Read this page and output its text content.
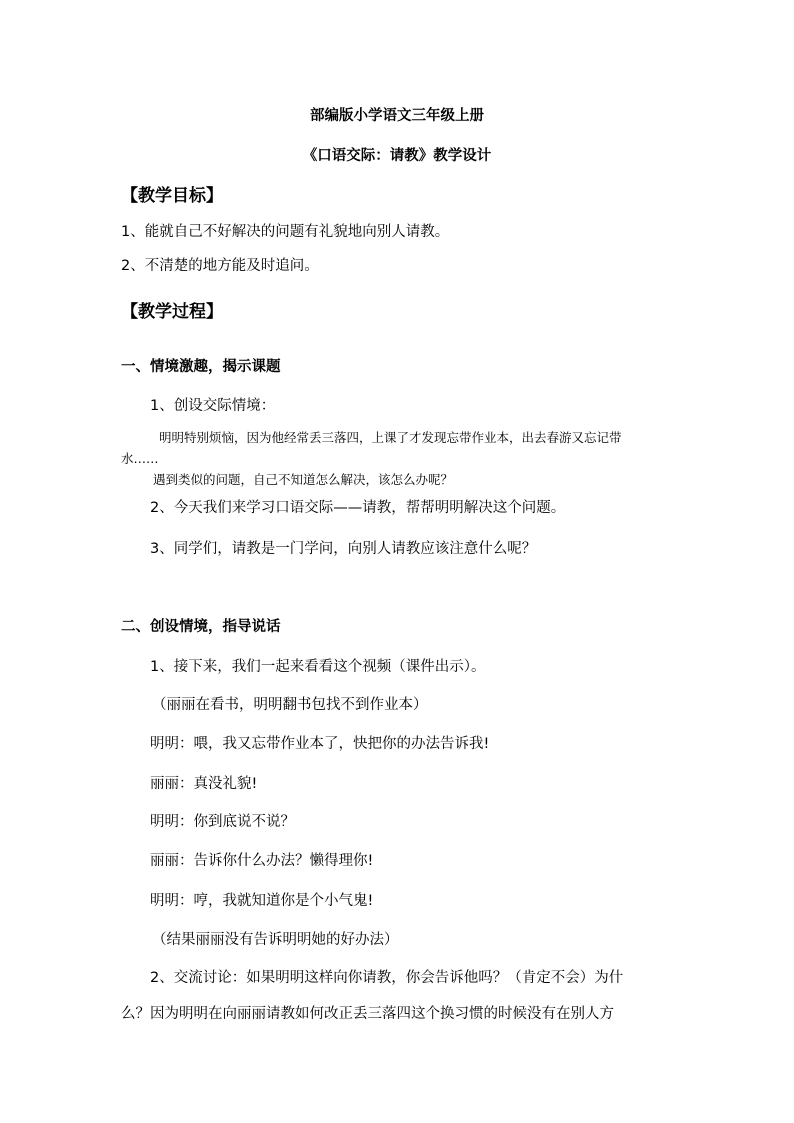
部编版小学语文三年级上册
《口语交际：请教》教学设计
【教学目标】
1、能就自己不好解决的问题有礼貌地向别人请教。
2、不清楚的地方能及时追问。
【教学过程】
一、情境激趣，揭示课题
1、创设交际情境：
明明特别烦恼，因为他经常丢三落四，上课了才发现忘带作业本，出去春游又忘记带
水……
遇到类似的问题，自己不知道怎么解决，该怎么办呢？
2、今天我们来学习口语交际——请教，帮帮明明解决这个问题。
3、同学们，请教是一门学问，向别人请教应该注意什么呢？
二、创设情境，指导说话
1、接下来，我们一起来看看这个视频（课件出示）。
（丽丽在看书，明明翻书包找不到作业本）
明明：喂，我又忘带作业本了，快把你的办法告诉我!
丽丽：真没礼貌!
明明：你到底说不说？
丽丽：告诉你什么办法？懒得理你!
明明：哼，我就知道你是个小气鬼!
（结果丽丽没有告诉明明她的好办法）
2、交流讨论：如果明明这样向你请教，你会告诉他吗？（肯定不会）为什
么？因为明明在向丽丽请教如何改正丢三落四这个换习惯的时候没有在别人方
